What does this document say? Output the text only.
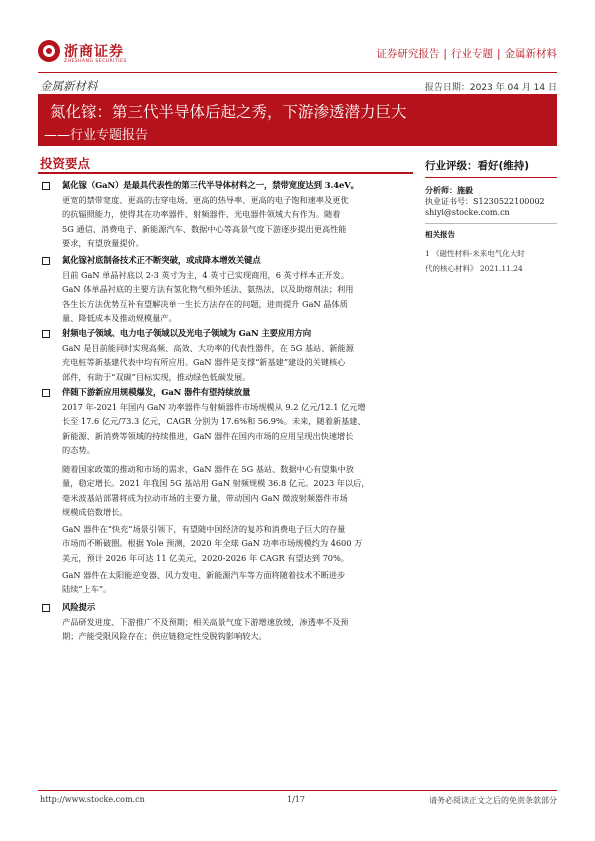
浙商证券
ZHESHANG SECURITIES
证券研究报告 | 行业专题 | 金属新材料
金属新材料	报告日期：2023 年 04 月 14 日
氮化镓：第三代半导体后起之秀，下游渗透潜力巨大
——行业专题报告
投资要点
氮化镓（GaN）是最具代表性的第三代半导体材料之一，禁带宽度达到 3.4eV。
更宽的禁带宽度、更高的击穿电场、更高的热导率、更高的电子饱和速率及更优
的抗辐照能力，使得其在功率器件、射频器件、光电器件领域大有作为。随着
5G 通信、消费电子、新能源汽车、数据中心等高景气度下游逐步提出更高性能
要求，有望放量提价。
氮化镓衬底制备技术正不断突破，或成降本增效关键点
目前 GaN 单晶衬底以 2-3 英寸为主，4 英寸已实现商用，6 英寸样本正开发。
GaN 体单晶衬底的主要方法有氢化物气相外延法、氨热法，以及助熔剂法；利用
各生长方法优势互补有望解决单一生长方法存在的问题，进而提升 GaN 晶体质
量、降低成本及推动规模量产。
射频电子领域、电力电子领域以及光电子领域为 GaN 主要应用方向
GaN 是目前能同时实现高频、高效、大功率的代表性器件，在 5G 基站、新能源
充电桩等新基建代表中均有所应用。GaN 器件是支撑“新基建”建设的关键核心
部件，有助于“双碳”目标实现，推动绿色低碳发展。
伴随下游新应用规模爆发，GaN 器件有望持续放量
2017 年-2021 年国内 GaN 功率器件与射频器件市场规模从 9.2 亿元/12.1 亿元增
长至 17.6 亿元/73.3 亿元，CAGR 分别为 17.6%和 56.9%。未来，随着新基建、
新能源、新消费等领域的持续推进，GaN 器件在国内市场的应用呈现出快速增长
的态势。
随着国家政策的推动和市场的需求，GaN 器件在 5G 基站、数据中心有望集中放
量，稳定增长。2021 年我国 5G 基站用 GaN 射频规模 36.8 亿元。2023 年以后，
毫米波基站部署将成为拉动市场的主要力量，带动国内 GaN 微波射频器件市场
规模成倍数增长。
GaN 器件在“快充”场景引领下，有望随中国经济的复苏和消费电子巨大的存量
市场而不断破圈。根据 Yole 预测，2020 年全球 GaN 功率市场规模约为 4600 万
美元，预计 2026 年可达 11 亿美元，2020-2026 年 CAGR 有望达到 70%。
GaN 器件在太阳能逆变器、风力发电、新能源汽车等方面将随着技术不断进步
陆续“上车”。
风险提示
产品研发进度、下游推广不及预期；相关高景气度下游增速放缓，渗透率不及预
期；产能受限风险存在；供应链稳定性受脱钩影响较大。
行业评级：看好(维持)
分析师：施毅
执业证书号：S1230522100002
shiyi@stocke.com.cn
相关报告
1 《磁性材料-未来电气化大时
代的核心材料》 2021.11.24
http://www.stocke.com.cn	1/17	请务必阅读正文之后的免责条款部分
